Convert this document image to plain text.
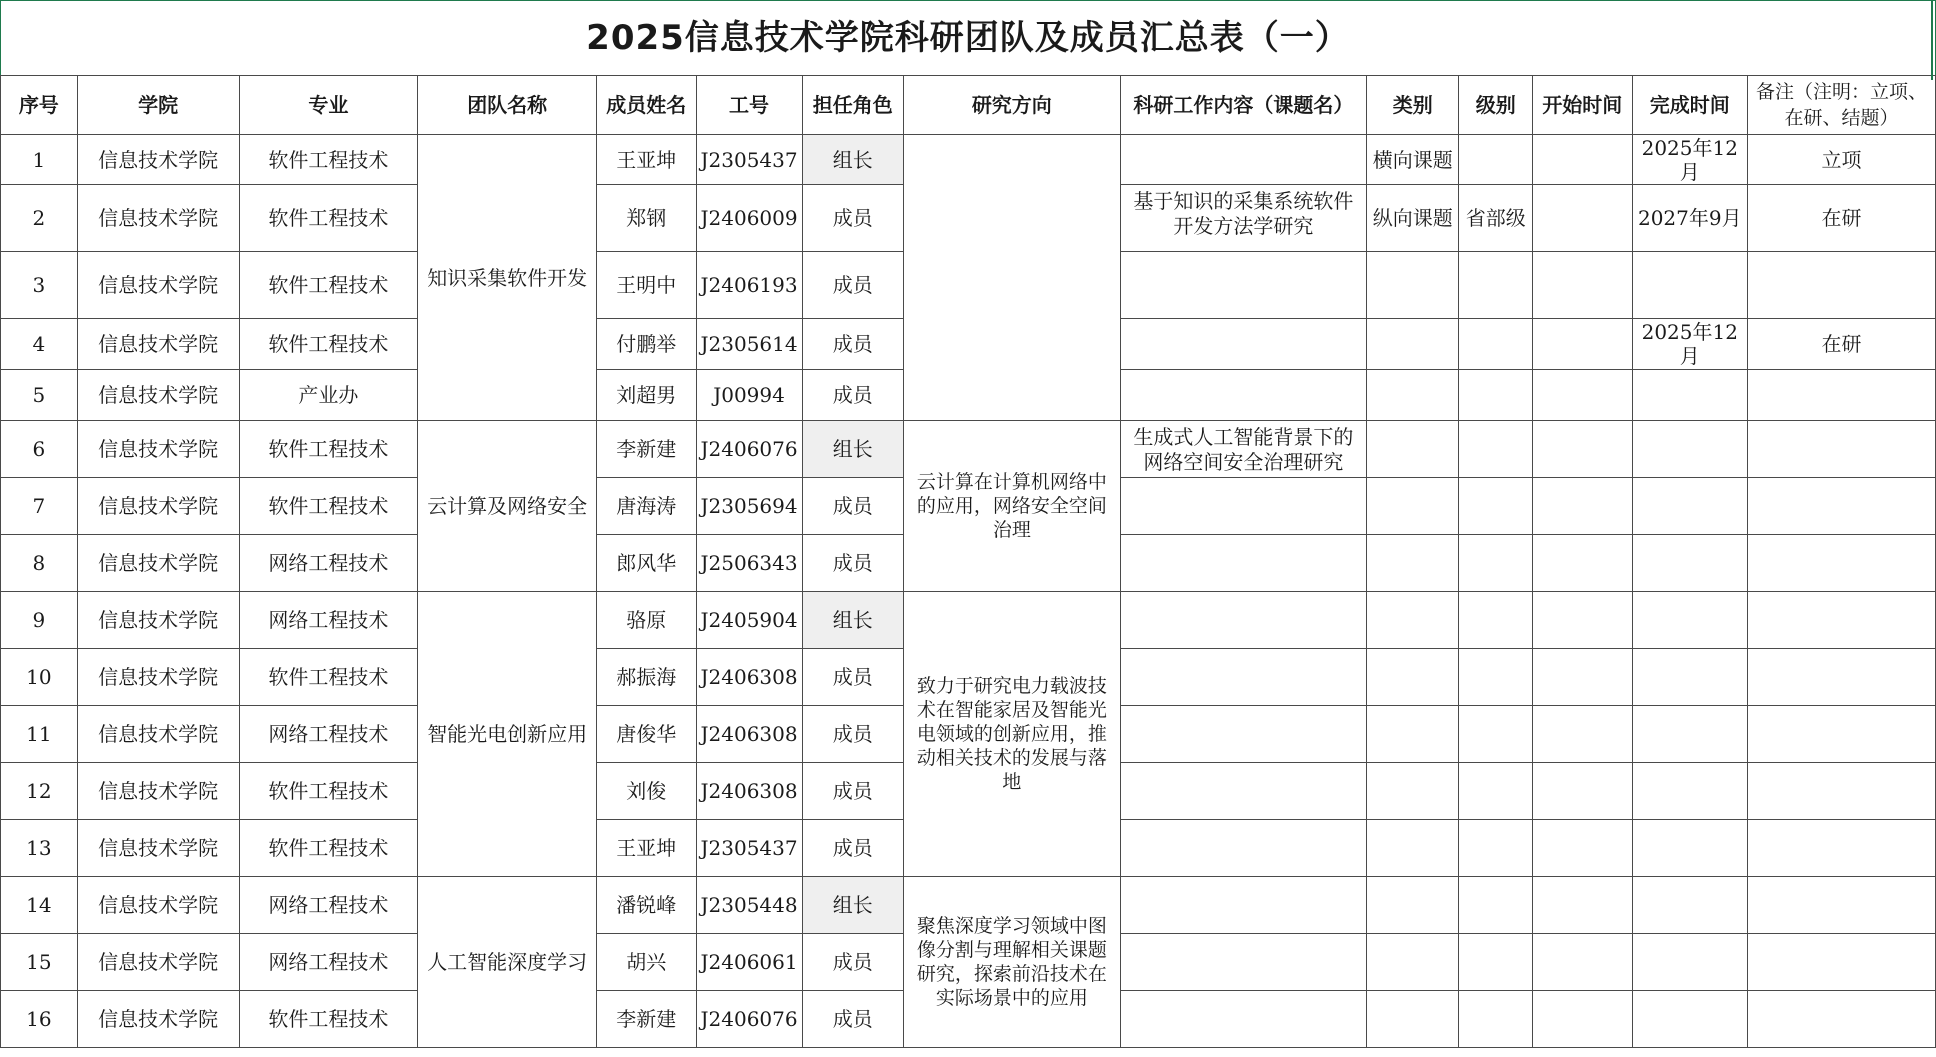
2025信息技术学院科研团队及成员汇总表（一）													
序号	学院	专业	团队名称	成员姓名	工号	担任角色	研究方向	科研工作内容（课题名）	类别	级别	开始时间	完成时间	备注（注明：立项、
在研、结题）
1	信息技术学院	软件工程技术	知识采集软件开发	王亚坤	J2305437	组长			横向课题			2025年12月	立项
2	信息技术学院	软件工程技术		郑钢	J2406009	成员		基于知识的采集系统软件开发方法学研究	纵向课题	省部级		2027年9月	在研
3	信息技术学院	软件工程技术		王明中	J2406193	成员							
4	信息技术学院	软件工程技术		付鹏举	J2305614	成员						2025年12月	在研
5	信息技术学院	产业办		刘超男	J00994	成员							
6	信息技术学院	软件工程技术	云计算及网络安全	李新建	J2406076	组长	云计算在计算机网络中的应用，网络安全空间治理	生成式人工智能背景下的网络空间安全治理研究					
7	信息技术学院	软件工程技术		唐海涛	J2305694	成员							
8	信息技术学院	网络工程技术		郎风华	J2506343	成员							
9	信息技术学院	网络工程技术	智能光电创新应用	骆原	J2405904	组长	致力于研究电力载波技术在智能家居及智能光电领域的创新应用，推动相关技术的发展与落地						
10	信息技术学院	软件工程技术		郝振海	J2406308	成员							
11	信息技术学院	网络工程技术		唐俊华	J2406308	成员							
12	信息技术学院	软件工程技术		刘俊	J2406308	成员							
13	信息技术学院	软件工程技术		王亚坤	J2305437	成员							
14	信息技术学院	网络工程技术	人工智能深度学习	潘锐峰	J2305448	组长	聚焦深度学习领域中图像分割与理解相关课题研究，探索前沿技术在实际场景中的应用						
15	信息技术学院	网络工程技术		胡兴	J2406061	成员							
16	信息技术学院	软件工程技术		李新建	J2406076	成员							
